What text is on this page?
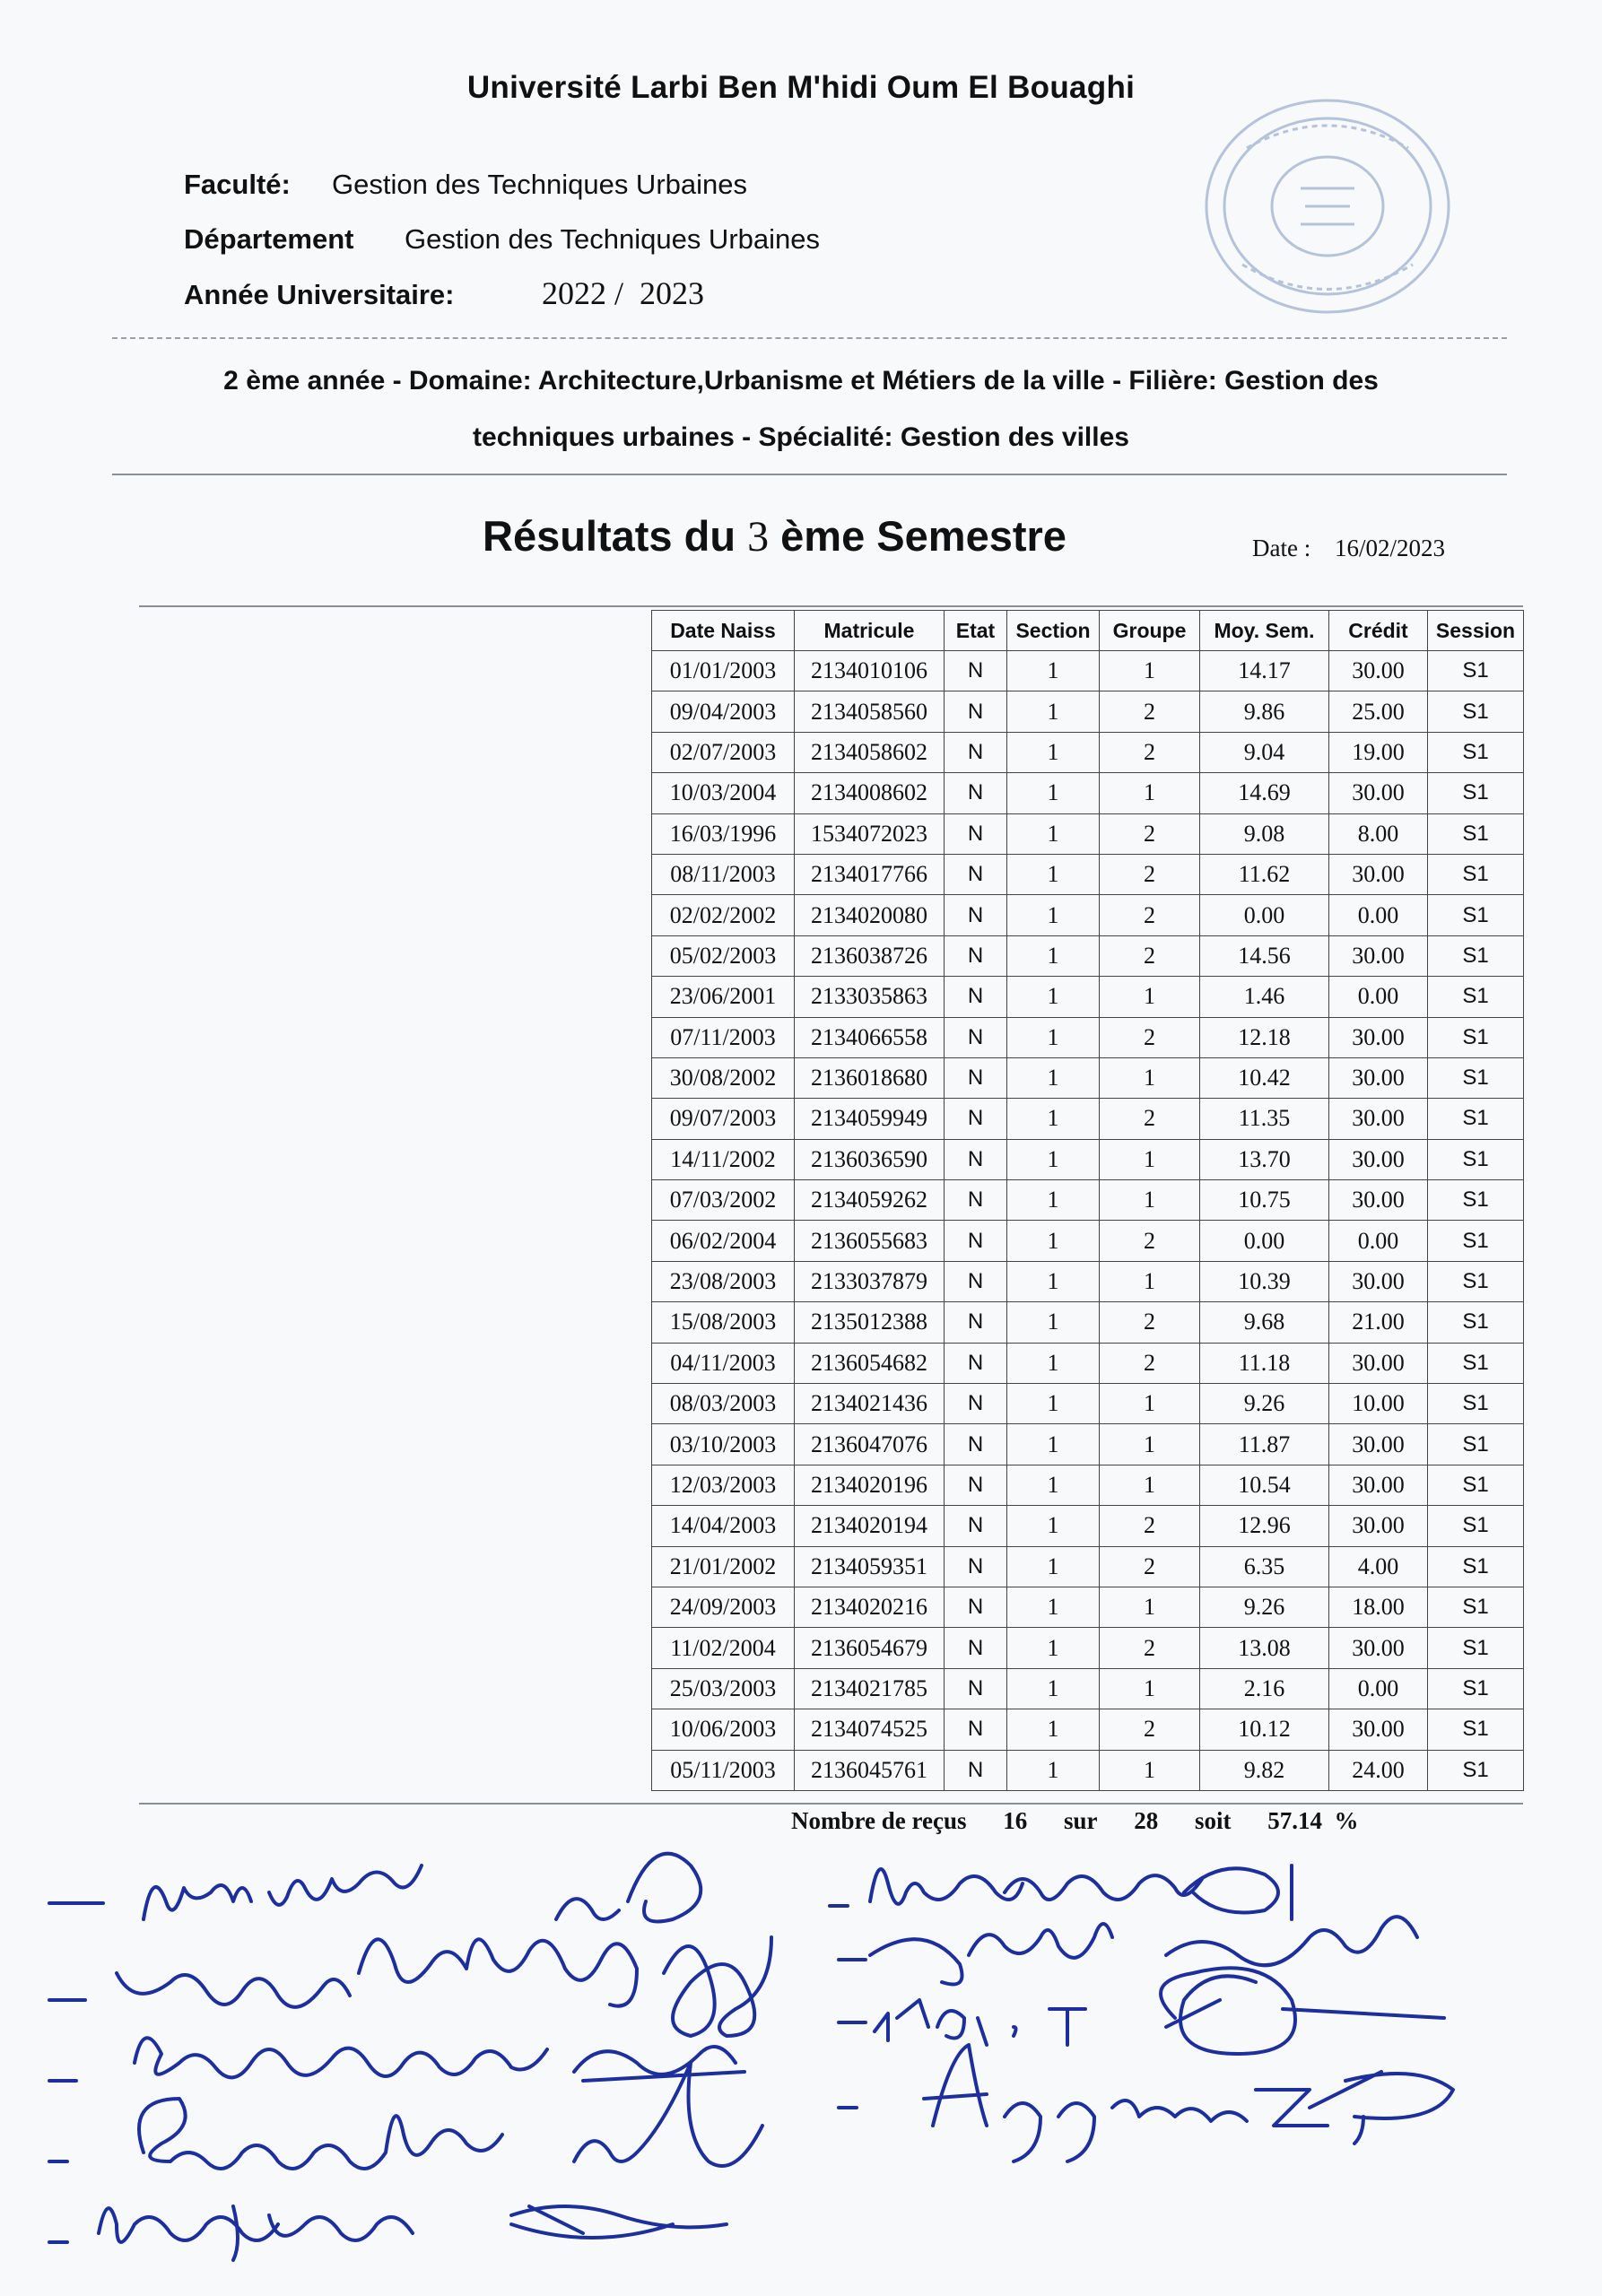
Université Larbi Ben M'hidi Oum El Bouaghi
Faculté: Gestion des Techniques Urbaines
Département Gestion des Techniques Urbaines
Année Universitaire:	2022 /  2023
2 ème année - Domaine: Architecture,Urbanisme et Métiers de la ville - Filière: Gestion des
techniques urbaines - Spécialité: Gestion des villes
Résultats du 3 ème Semestre	Date : 16/02/2023
Date Naiss	Matricule	Etat	Section	Groupe	Moy. Sem.	Crédit	Session
01/01/2003	2134010106	N	1	1	14.17	30.00	S1
09/04/2003	2134058560	N	1	2	9.86	25.00	S1
02/07/2003	2134058602	N	1	2	9.04	19.00	S1
10/03/2004	2134008602	N	1	1	14.69	30.00	S1
16/03/1996	1534072023	N	1	2	9.08	8.00	S1
08/11/2003	2134017766	N	1	2	11.62	30.00	S1
02/02/2002	2134020080	N	1	2	0.00	0.00	S1
05/02/2003	2136038726	N	1	2	14.56	30.00	S1
23/06/2001	2133035863	N	1	1	1.46	0.00	S1
07/11/2003	2134066558	N	1	2	12.18	30.00	S1
30/08/2002	2136018680	N	1	1	10.42	30.00	S1
09/07/2003	2134059949	N	1	2	11.35	30.00	S1
14/11/2002	2136036590	N	1	1	13.70	30.00	S1
07/03/2002	2134059262	N	1	1	10.75	30.00	S1
06/02/2004	2136055683	N	1	2	0.00	0.00	S1
23/08/2003	2133037879	N	1	1	10.39	30.00	S1
15/08/2003	2135012388	N	1	2	9.68	21.00	S1
04/11/2003	2136054682	N	1	2	11.18	30.00	S1
08/03/2003	2134021436	N	1	1	9.26	10.00	S1
03/10/2003	2136047076	N	1	1	11.87	30.00	S1
12/03/2003	2134020196	N	1	1	10.54	30.00	S1
14/04/2003	2134020194	N	1	2	12.96	30.00	S1
21/01/2002	2134059351	N	1	2	6.35	4.00	S1
24/09/2003	2134020216	N	1	1	9.26	18.00	S1
11/02/2004	2136054679	N	1	2	13.08	30.00	S1
25/03/2003	2134021785	N	1	1	2.16	0.00	S1
10/06/2003	2134074525	N	1	2	10.12	30.00	S1
05/11/2003	2136045761	N	1	1	9.82	24.00	S1
Nombre de reçus 16 sur 28 soit 57.14  %
